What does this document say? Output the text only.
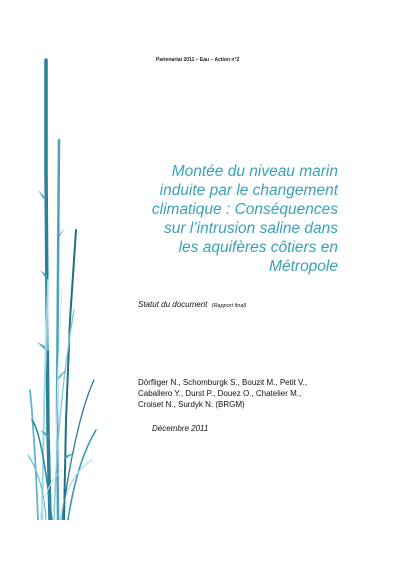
Partenariat 2011 – Eau – Action n°2
Montée du niveau marin
induite par le changement
climatique : Conséquences
sur l’intrusion saline dans
les aquifères côtiers en
Métropole
Statut du document (Rapport final)
Dörfliger N., Schomburgk S., Bouzit M., Petit V.,
Caballero Y., Durst P., Douez O., Chatelier M.,
Croiset N., Surdyk N. (BRGM)
Décembre 2011
